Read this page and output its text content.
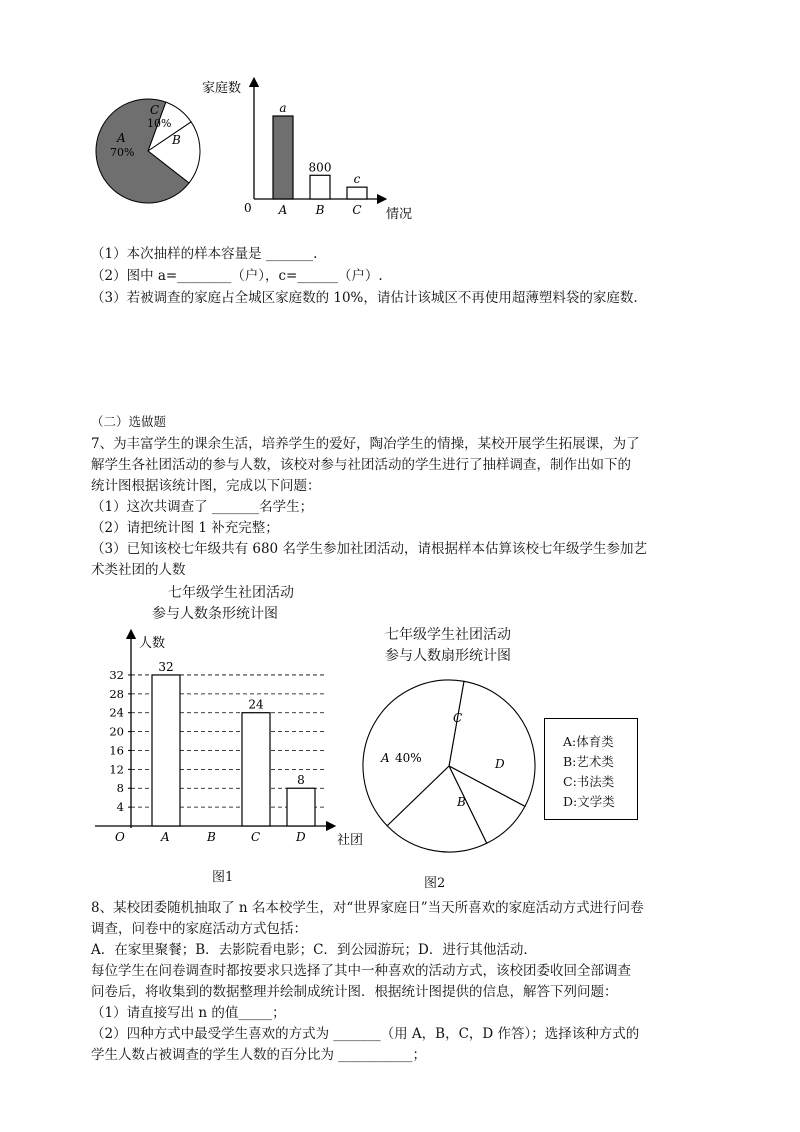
C
10%
B
A
70%
家庭数
情况
0
a
A
800
B
c
C
（1）本次抽样的样本容量是 _______.
（2）图中 a=________（户），c=______（户）.
（3）若被调查的家庭占全城区家庭数的 10%，请估计该城区不再使用超薄塑料袋的家庭数.
（二）选做题
7、为丰富学生的课余生活，培养学生的爱好，陶冶学生的情操，某校开展学生拓展课，为了
解学生各社团活动的参与人数，该校对参与社团活动的学生进行了抽样调查，制作出如下的
统计图根据该统计图，完成以下问题：
（1）这次共调查了 _______名学生；
（2）请把统计图 1 补充完整；
（3）已知该校七年级共有 680 名学生参加社团活动，请根据样本估算该校七年级学生参加艺
术类社团的人数
七年级学生社团活动
参与人数条形统计图
人数
4
8
12
16
20
24
28
32
32
24
8
A	B	C	D
O	社团
图1
七年级学生社团活动
参与人数扇形统计图
A 40%
C
D
B
A:体育类
B:艺术类
C:书法类
D:文学类
图2
8、某校团委随机抽取了 n 名本校学生，对“世界家庭日”当天所喜欢的家庭活动方式进行问卷
调查，问卷中的家庭活动方式包括：
A．在家里聚餐；B．去影院看电影；C．到公园游玩；D．进行其他活动．
每位学生在问卷调查时都按要求只选择了其中一种喜欢的活动方式，该校团委收回全部调查
问卷后，将收集到的数据整理并绘制成统计图．根据统计图提供的信息，解答下列问题：
（1）请直接写出 n 的值_____；
（2）四种方式中最受学生喜欢的方式为 _______（用 A，B，C，D 作答）；选择该种方式的
学生人数占被调查的学生人数的百分比为 ___________；
